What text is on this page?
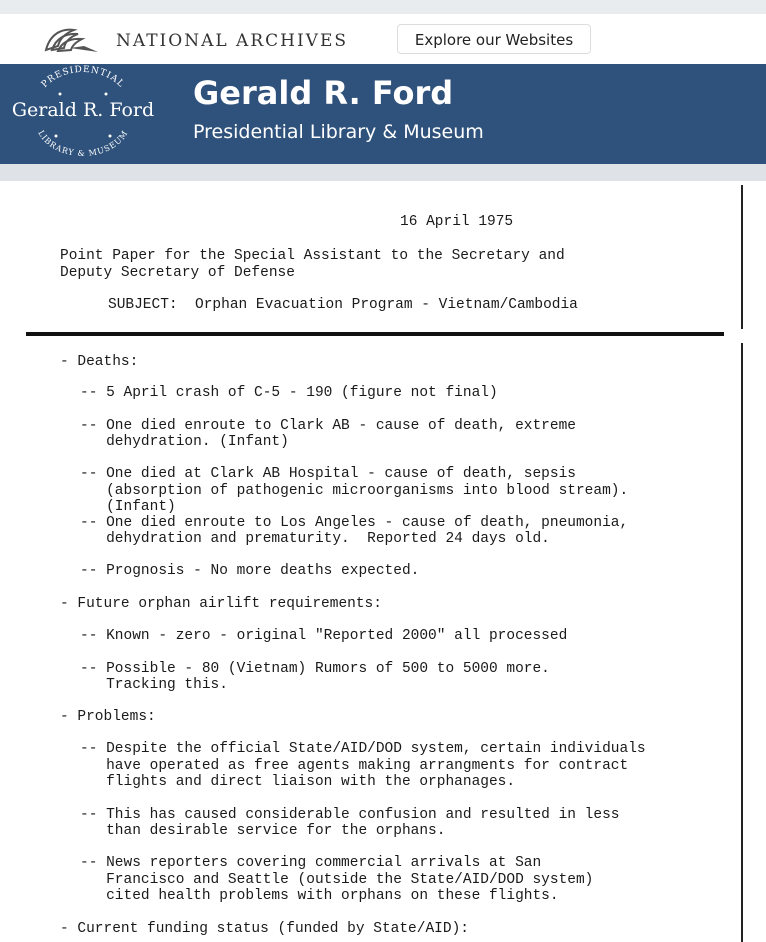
NATIONAL ARCHIVES	Explore our Websites
PRESIDENTIAL
Gerald R. Ford
LIBRARY & MUSEUM
Gerald R. Ford
Presidential Library & Museum
16 April 1975
Point Paper for the Special Assistant to the Secretary and
Deputy Secretary of Defense
SUBJECT:  Orphan Evacuation Program - Vietnam/Cambodia
- Deaths:
-- 5 April crash of C-5 - 190 (figure not final)
-- One died enroute to Clark AB - cause of death, extreme
dehydration. (Infant)
-- One died at Clark AB Hospital - cause of death, sepsis
(absorption of pathogenic microorganisms into blood stream).
(Infant)
-- One died enroute to Los Angeles - cause of death, pneumonia,
dehydration and prematurity.  Reported 24 days old.
-- Prognosis - No more deaths expected.
- Future orphan airlift requirements:
-- Known - zero - original "Reported 2000" all processed
-- Possible - 80 (Vietnam) Rumors of 500 to 5000 more.
Tracking this.
- Problems:
-- Despite the official State/AID/DOD system, certain individuals
have operated as free agents making arrangments for contract
flights and direct liaison with the orphanages.
-- This has caused considerable confusion and resulted in less
than desirable service for the orphans.
-- News reporters covering commercial arrivals at San
Francisco and Seattle (outside the State/AID/DOD system)
cited health problems with orphans on these flights.
- Current funding status (funded by State/AID):
